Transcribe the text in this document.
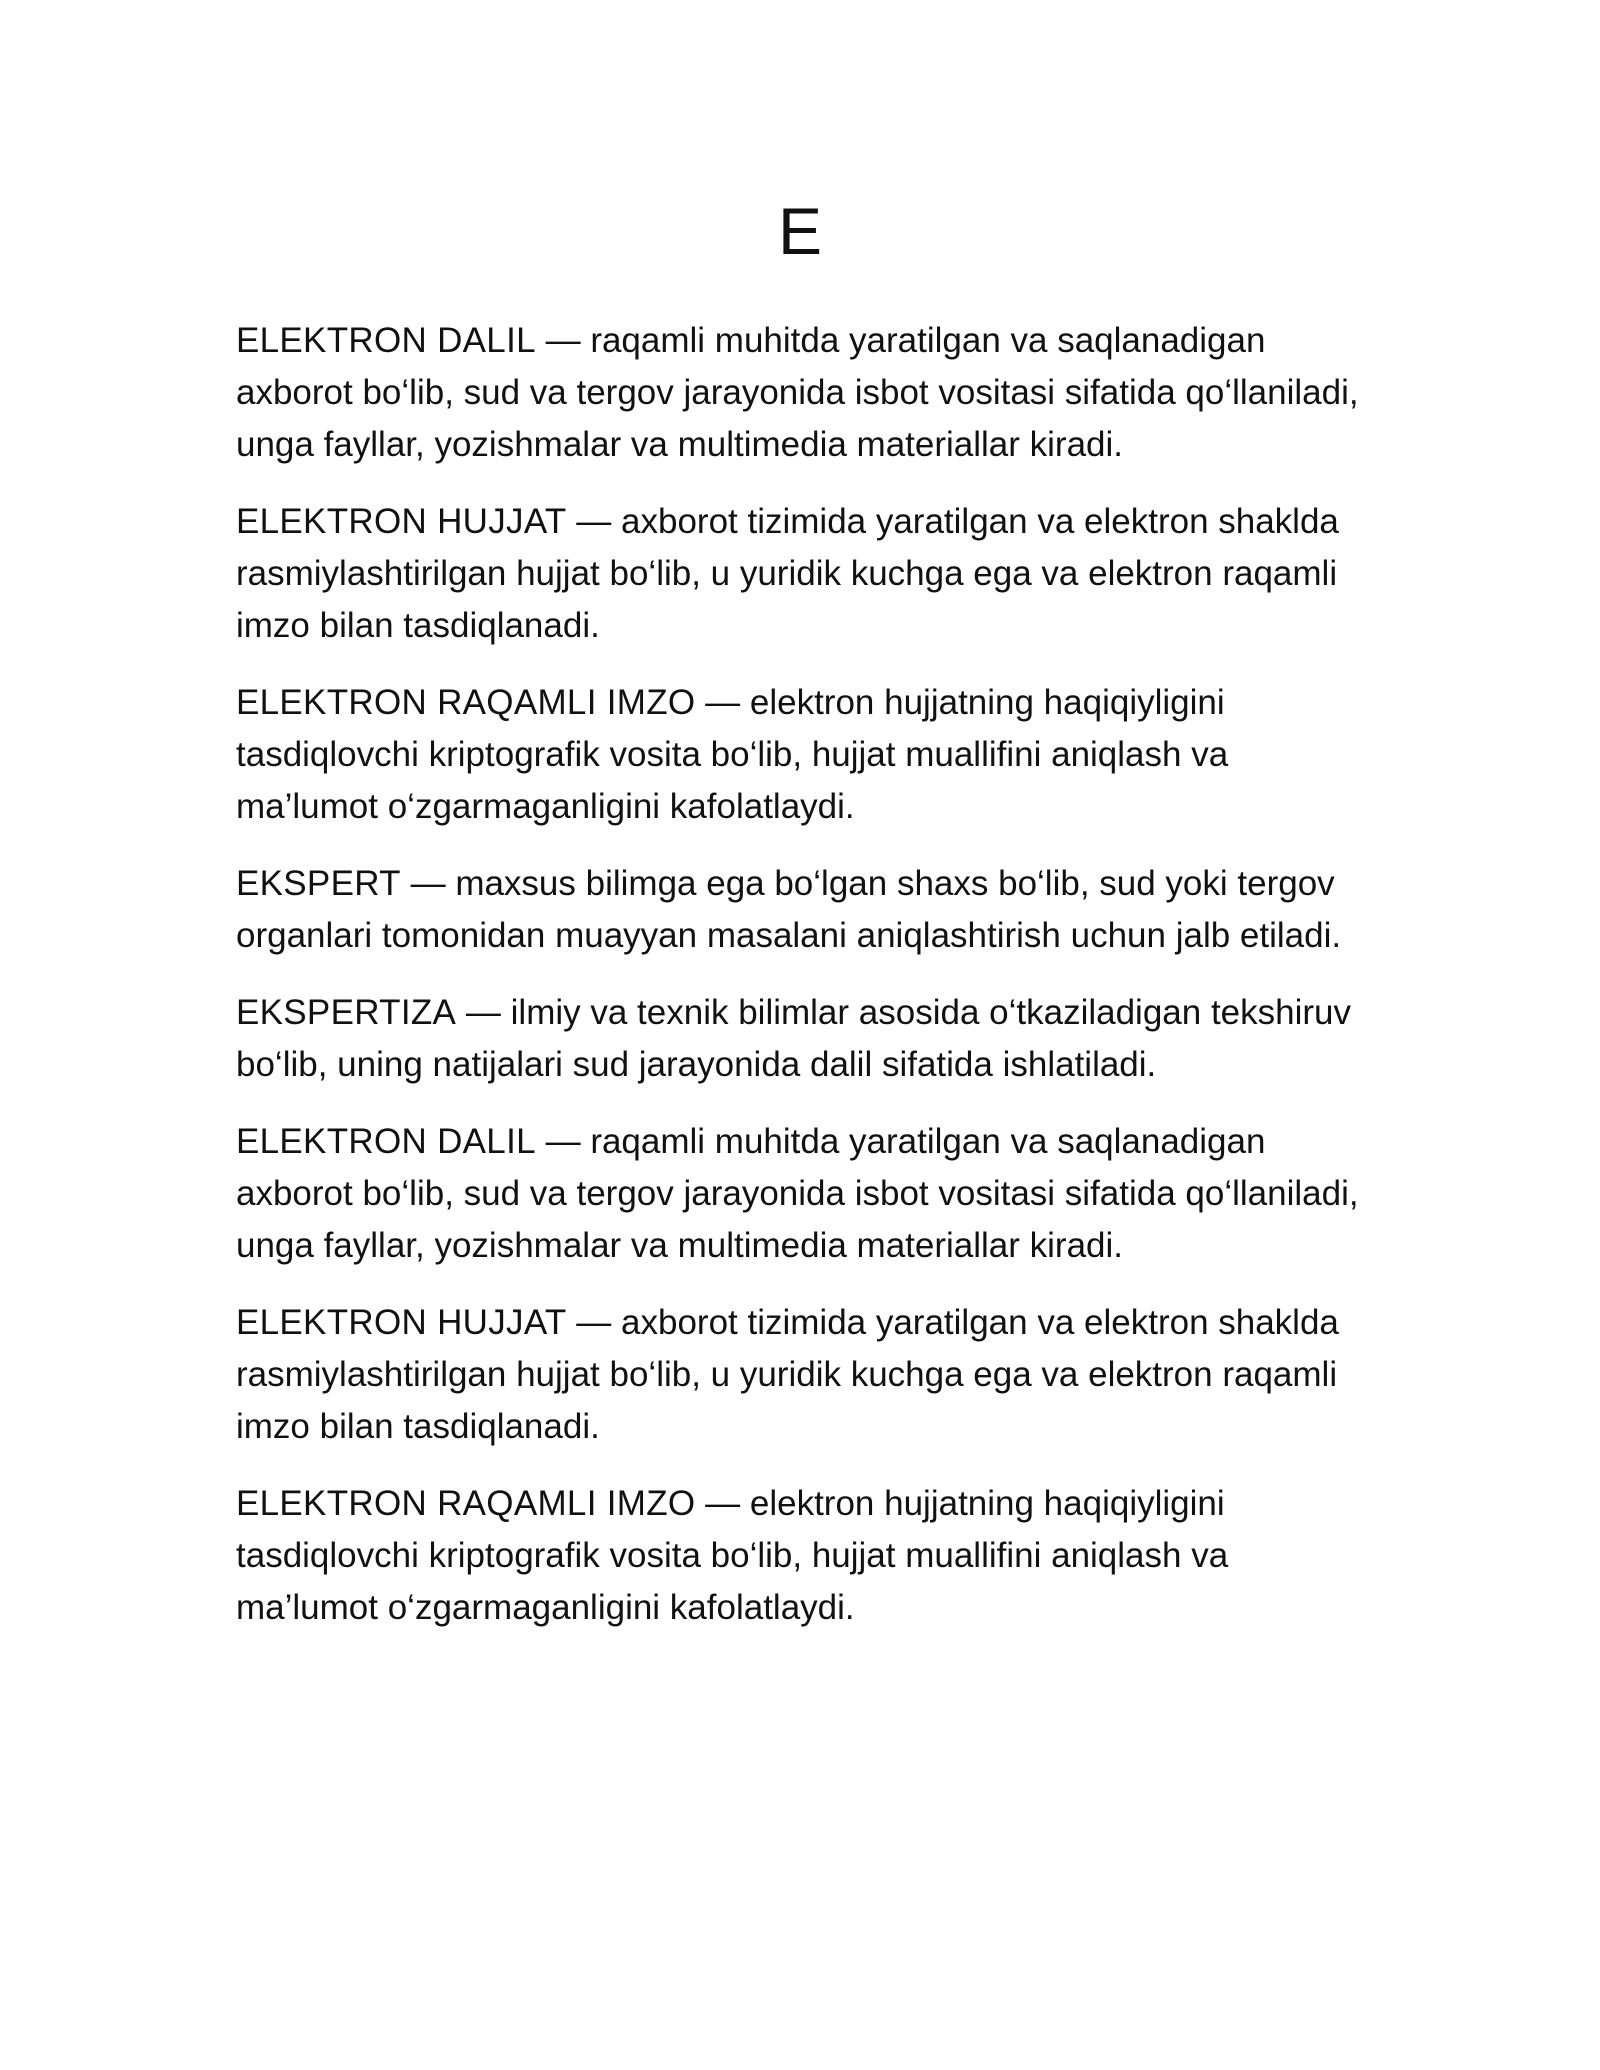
E

ELEKTRON DALIL — raqamli muhitda yaratilgan va saqlanadigan axborot bo‘lib, sud va tergov jarayonida isbot vositasi sifatida qo‘llaniladi, unga fayllar, yozishmalar va multimedia materiallar kiradi.

ELEKTRON HUJJAT — axborot tizimida yaratilgan va elektron shaklda rasmiylashtirilgan hujjat bo‘lib, u yuridik kuchga ega va elektron raqamli imzo bilan tasdiqlanadi.

ELEKTRON RAQAMLI IMZO — elektron hujjatning haqiqiyligini tasdiqlovchi kriptografik vosita bo‘lib, hujjat muallifini aniqlash va ma’lumot o‘zgarmaganligini kafolatlaydi.

EKSPERT — maxsus bilimga ega bo‘lgan shaxs bo‘lib, sud yoki tergov organlari tomonidan muayyan masalani aniqlashtirish uchun jalb etiladi.

EKSPERTIZA — ilmiy va texnik bilimlar asosida o‘tkaziladigan tekshiruv bo‘lib, uning natijalari sud jarayonida dalil sifatida ishlatiladi.

ELEKTRON DALIL — raqamli muhitda yaratilgan va saqlanadigan axborot bo‘lib, sud va tergov jarayonida isbot vositasi sifatida qo‘llaniladi, unga fayllar, yozishmalar va multimedia materiallar kiradi.

ELEKTRON HUJJAT — axborot tizimida yaratilgan va elektron shaklda rasmiylashtirilgan hujjat bo‘lib, u yuridik kuchga ega va elektron raqamli imzo bilan tasdiqlanadi.

ELEKTRON RAQAMLI IMZO — elektron hujjatning haqiqiyligini tasdiqlovchi kriptografik vosita bo‘lib, hujjat muallifini aniqlash va ma’lumot o‘zgarmaganligini kafolatlaydi.
